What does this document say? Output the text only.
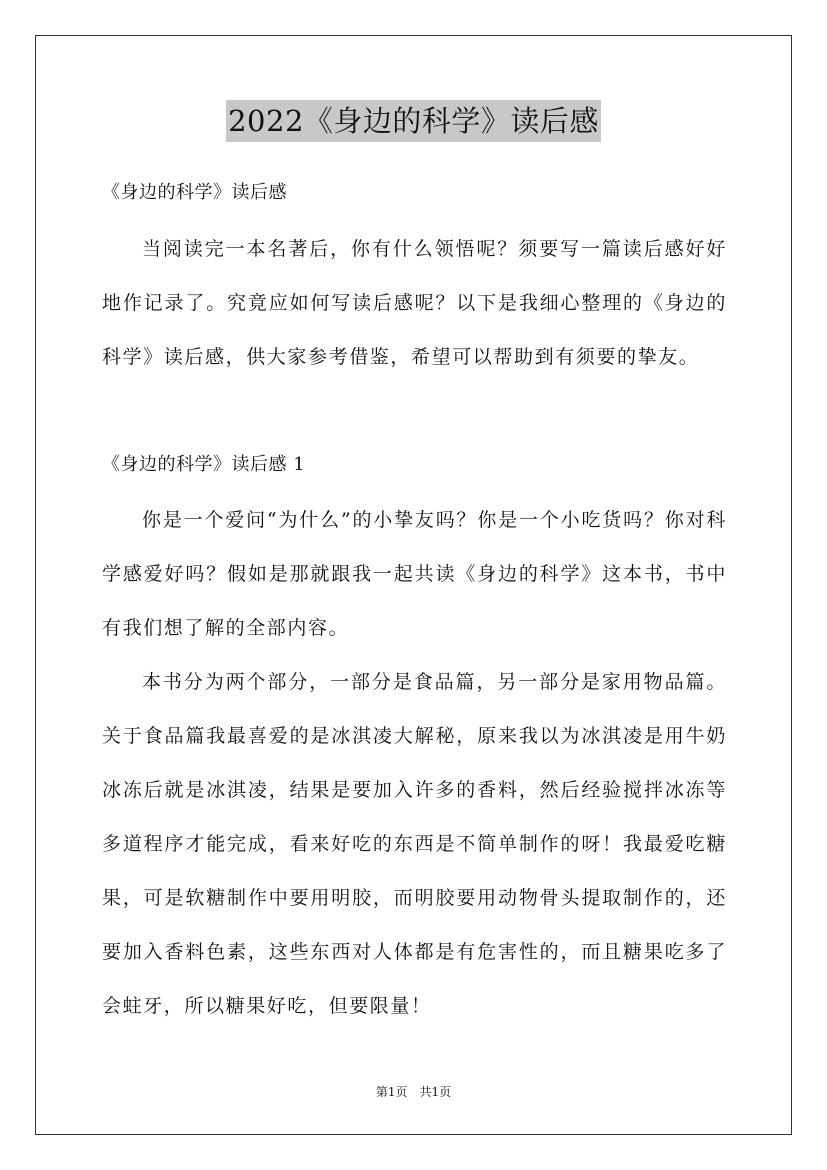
2022《身边的科学》读后感

《身边的科学》读后感

当阅读完一本名著后，你有什么领悟呢？须要写一篇读后感好好地作记录了。究竟应如何写读后感呢？以下是我细心整理的《身边的科学》读后感，供大家参考借鉴，希望可以帮助到有须要的挚友。

《身边的科学》读后感 1

你是一个爱问“为什么”的小挚友吗？你是一个小吃货吗？你对科学感爱好吗？假如是那就跟我一起共读《身边的科学》这本书，书中有我们想了解的全部内容。

本书分为两个部分，一部分是食品篇，另一部分是家用物品篇。关于食品篇我最喜爱的是冰淇凌大解秘，原来我以为冰淇凌是用牛奶冰冻后就是冰淇凌，结果是要加入许多的香料，然后经验搅拌冰冻等多道程序才能完成，看来好吃的东西是不简单制作的呀！我最爱吃糖果，可是软糖制作中要用明胶，而明胶要用动物骨头提取制作的，还要加入香料色素，这些东西对人体都是有危害性的，而且糖果吃多了会蛀牙，所以糖果好吃，但要限量！

第1页　共1页
